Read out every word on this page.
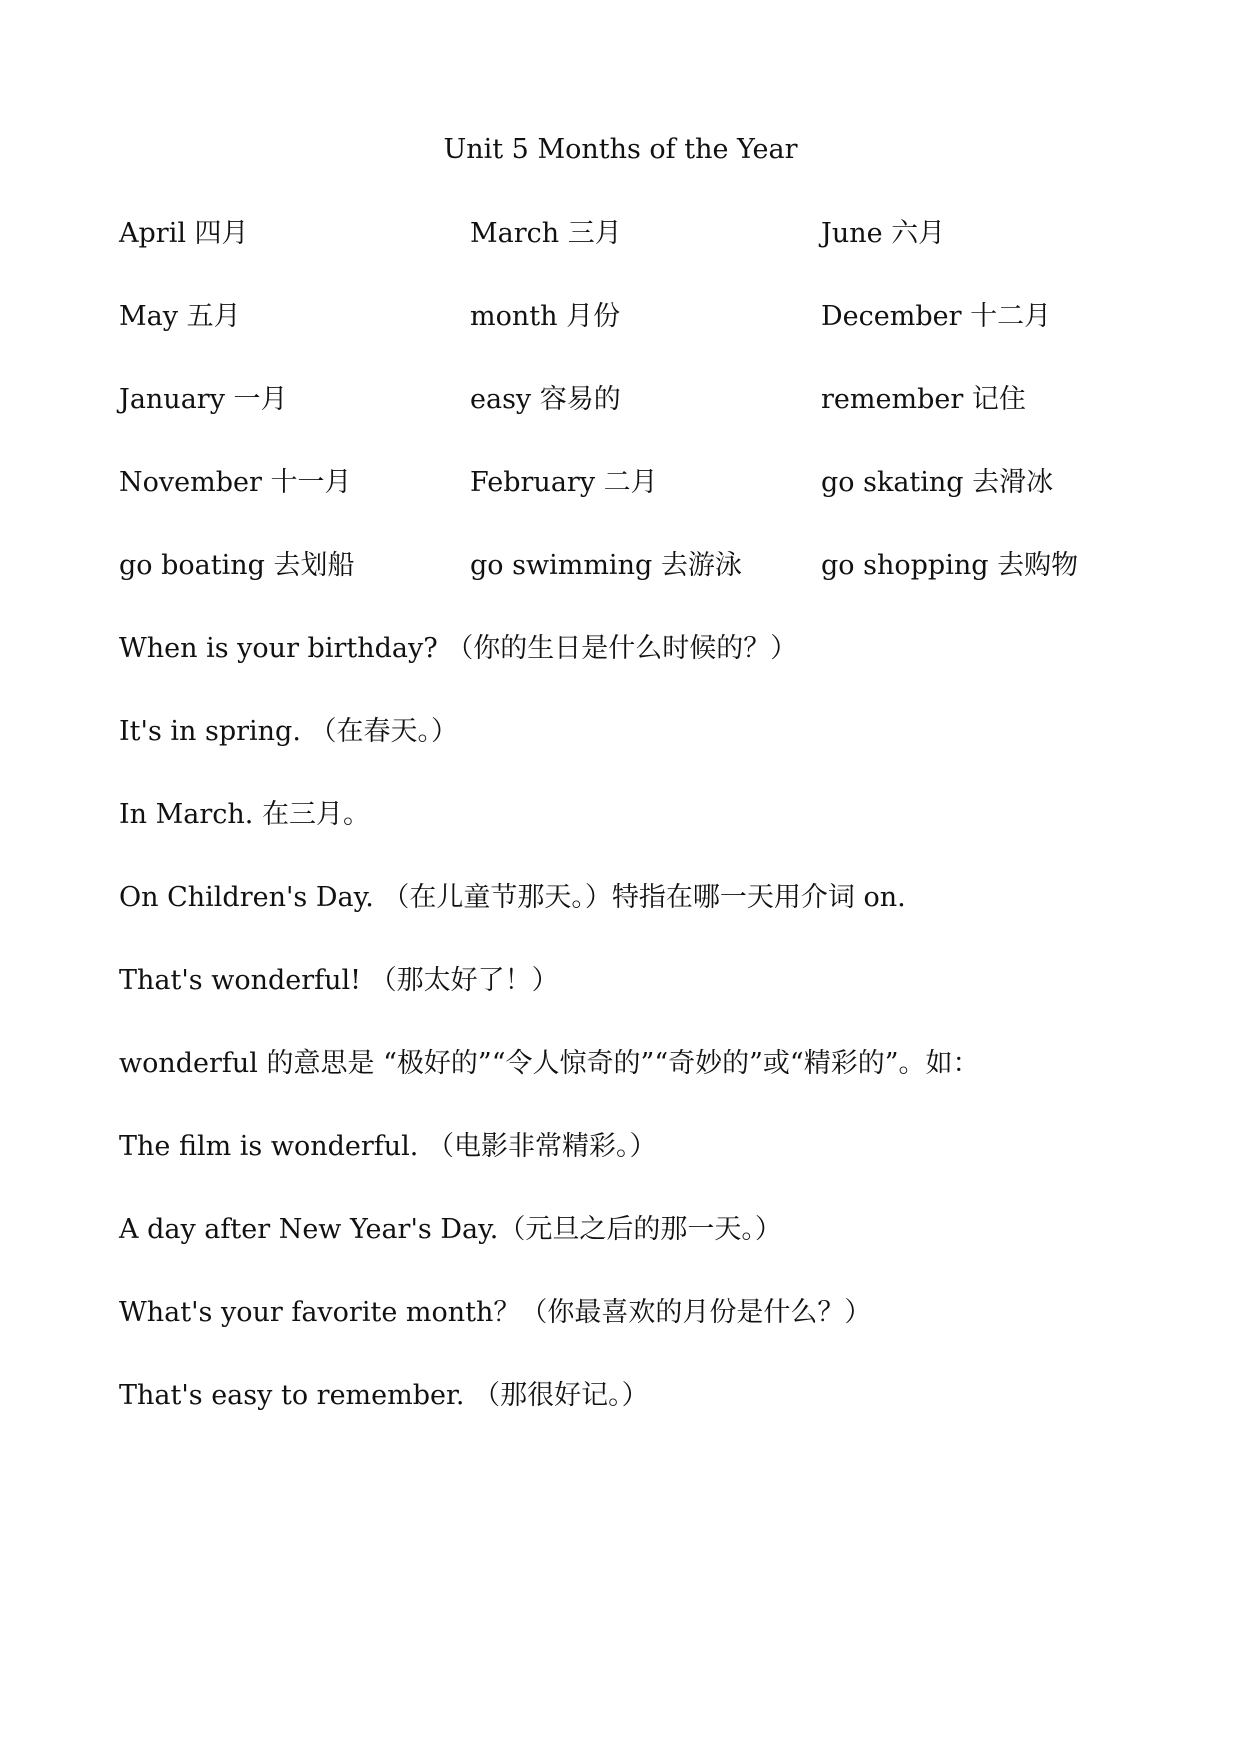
Unit 5 Months of the Year
April 四月	March 三月	June 六月
May 五月	month 月份	December 十二月
January 一月	easy 容易的	remember 记住
November 十一月	February 二月	go skating 去滑冰
go boating 去划船	go swimming 去游泳	go shopping 去购物
When is your birthday? （你的生日是什么时候的？）
It's in spring. （在春天。）
In March. 在三月。
On Children's Day. （在儿童节那天。）特指在哪一天用介词 on.
That's wonderful! （那太好了！）
wonderful 的意思是 “极好的”“令人惊奇的”“奇妙的”或“精彩的”。如：
The film is wonderful. （电影非常精彩。）
A day after New Year's Day.（元旦之后的那一天。）
What's your favorite month？（你最喜欢的月份是什么？）
That's easy to remember. （那很好记。）
